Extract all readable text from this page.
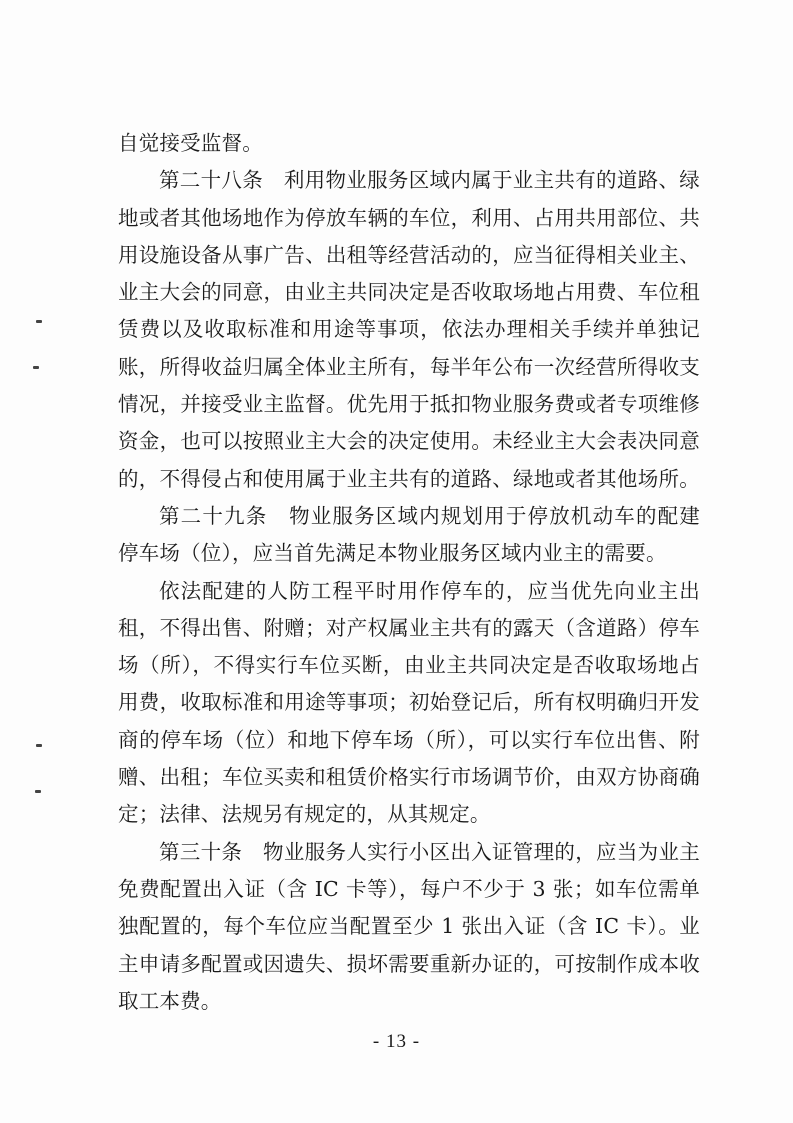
自觉接受监督。
第二十八条　利用物业服务区域内属于业主共有的道路、绿
地或者其他场地作为停放车辆的车位，利用、占用共用部位、共
用设施设备从事广告、出租等经营活动的，应当征得相关业主、
业主大会的同意，由业主共同决定是否收取场地占用费、车位租
赁费以及收取标准和用途等事项，依法办理相关手续并单独记
账，所得收益归属全体业主所有，每半年公布一次经营所得收支
情况，并接受业主监督。优先用于抵扣物业服务费或者专项维修
资金，也可以按照业主大会的决定使用。未经业主大会表决同意
的，不得侵占和使用属于业主共有的道路、绿地或者其他场所。
第二十九条　物业服务区域内规划用于停放机动车的配建
停车场（位），应当首先满足本物业服务区域内业主的需要。
依法配建的人防工程平时用作停车的，应当优先向业主出
租，不得出售、附赠；对产权属业主共有的露天（含道路）停车
场（所），不得实行车位买断，由业主共同决定是否收取场地占
用费，收取标准和用途等事项；初始登记后，所有权明确归开发
商的停车场（位）和地下停车场（所），可以实行车位出售、附
赠、出租；车位买卖和租赁价格实行市场调节价，由双方协商确
定；法律、法规另有规定的，从其规定。
第三十条　物业服务人实行小区出入证管理的，应当为业主
免费配置出入证（含 IC 卡等），每户不少于 3 张；如车位需单
独配置的，每个车位应当配置至少 1 张出入证（含 IC 卡）。业
主申请多配置或因遗失、损坏需要重新办证的，可按制作成本收
取工本费。
- 13 -
